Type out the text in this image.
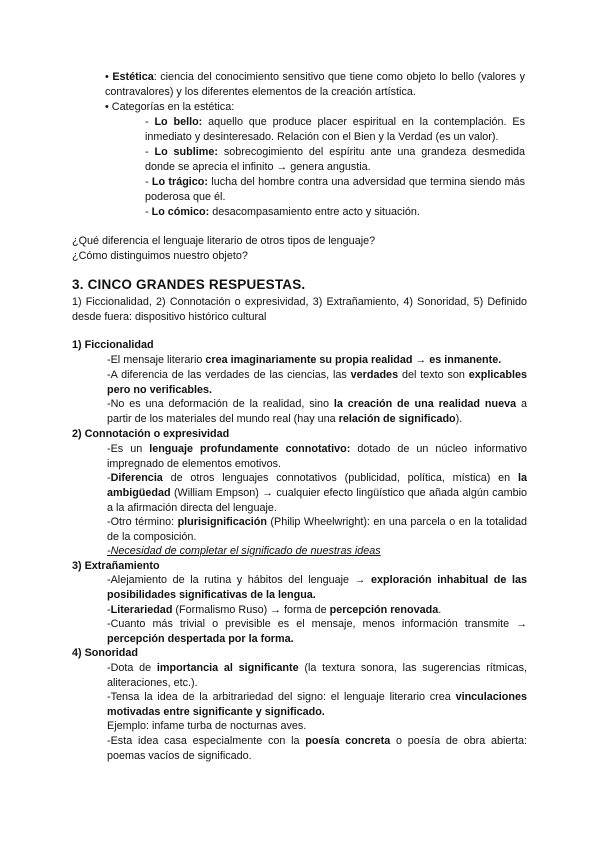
• Estética: ciencia del conocimiento sensitivo que tiene como objeto lo bello (valores y contravalores) y los diferentes elementos de la creación artística.
• Categorías en la estética:
- Lo bello: aquello que produce placer espiritual en la contemplación. Es inmediato y desinteresado. Relación con el Bien y la Verdad (es un valor).
- Lo sublime: sobrecogimiento del espíritu ante una grandeza desmedida donde se aprecia el infinito → genera angustia.
- Lo trágico: lucha del hombre contra una adversidad que termina siendo más poderosa que él.
- Lo cómico: desacompasamiento entre acto y situación.
¿Qué diferencia el lenguaje literario de otros tipos de lenguaje?
¿Cómo distinguimos nuestro objeto?
3. CINCO GRANDES RESPUESTAS.
1) Ficcionalidad, 2) Connotación o expresividad, 3) Extrañamiento, 4) Sonoridad, 5) Definido desde fuera: dispositivo histórico cultural
1) Ficcionalidad
-El mensaje literario crea imaginariamente su propia realidad → es inmanente.
-A diferencia de las verdades de las ciencias, las verdades del texto son explicables pero no verificables.
-No es una deformación de la realidad, sino la creación de una realidad nueva a partir de los materiales del mundo real (hay una relación de significado).
2) Connotación o expresividad
-Es un lenguaje profundamente connotativo: dotado de un núcleo informativo impregnado de elementos emotivos.
-Diferencia de otros lenguajes connotativos (publicidad, política, mística) en la ambigüedad (William Empson) → cualquier efecto lingüístico que añada algún cambio a la afirmación directa del lenguaje.
-Otro término: plurisignificación (Philip Wheelwright): en una parcela o en la totalidad de la composición.
-Necesidad de completar el significado de nuestras ideas
3) Extrañamiento
-Alejamiento de la rutina y hábitos del lenguaje → exploración inhabitual de las posibilidades significativas de la lengua.
-Literariedad (Formalismo Ruso) → forma de percepción renovada.
-Cuanto más trivial o previsible es el mensaje, menos información transmite → percepción despertada por la forma.
4) Sonoridad
-Dota de importancia al significante (la textura sonora, las sugerencias rítmicas, aliteraciones, etc.).
-Tensa la idea de la arbitrariedad del signo: el lenguaje literario crea vinculaciones motivadas entre significante y significado.
Ejemplo: infame turba de nocturnas aves.
-Esta idea casa especialmente con la poesía concreta o poesía de obra abierta: poemas vacíos de significado.
